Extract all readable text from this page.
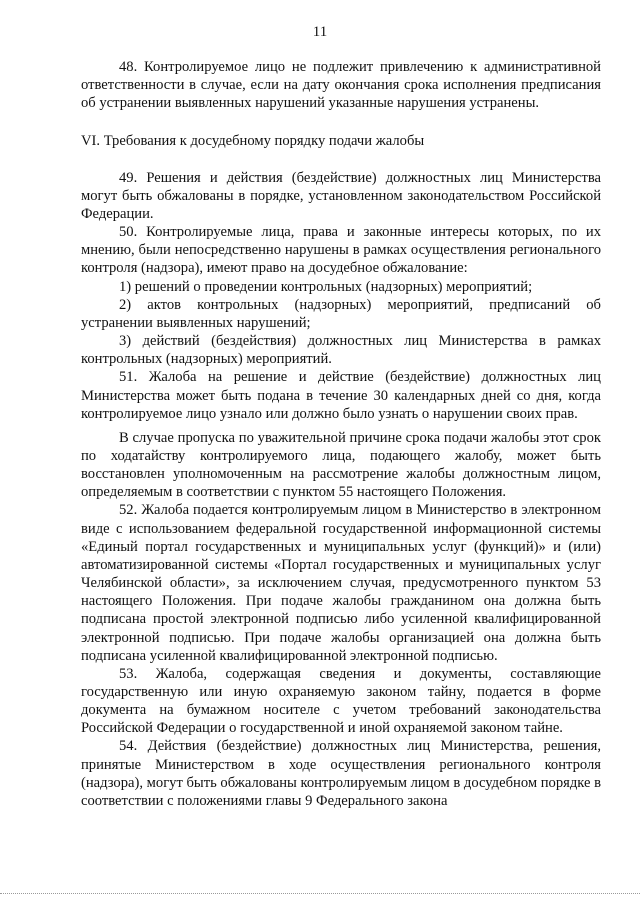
11

48. Контролируемое лицо не подлежит привлечению к административной ответственности в случае, если на дату окончания срока исполнения предписания об устранении выявленных нарушений указанные нарушения устранены.

VI. Требования к досудебному порядку подачи жалобы

49. Решения и действия (бездействие) должностных лиц Министерства могут быть обжалованы в порядке, установленном законодательством Российской Федерации.

50. Контролируемые лица, права и законные интересы которых, по их мнению, были непосредственно нарушены в рамках осуществления регионального контроля (надзора), имеют право на досудебное обжалование:

1) решений о проведении контрольных (надзорных) мероприятий;

2) актов контрольных (надзорных) мероприятий, предписаний об устранении выявленных нарушений;

3) действий (бездействия) должностных лиц Министерства в рамках контрольных (надзорных) мероприятий.

51. Жалоба на решение и действие (бездействие) должностных лиц Министерства может быть подана в течение 30 календарных дней со дня, когда контролируемое лицо узнало или должно было узнать о нарушении своих прав.

В случае пропуска по уважительной причине срока подачи жалобы этот срок по ходатайству контролируемого лица, подающего жалобу, может быть восстановлен уполномоченным на рассмотрение жалобы должностным лицом, определяемым в соответствии с пунктом 55 настоящего Положения.

52. Жалоба подается контролируемым лицом в Министерство в электронном виде с использованием федеральной государственной информационной системы «Единый портал государственных и муниципальных услуг (функций)» и (или) автоматизированной системы «Портал государственных и муниципальных услуг Челябинской области», за исключением случая, предусмотренного пунктом 53 настоящего Положения. При подаче жалобы гражданином она должна быть подписана простой электронной подписью либо усиленной квалифицированной электронной подписью. При подаче жалобы организацией она должна быть подписана усиленной квалифицированной электронной подписью.

53. Жалоба, содержащая сведения и документы, составляющие государственную или иную охраняемую законом тайну, подается в форме документа на бумажном носителе с учетом требований законодательства Российской Федерации о государственной и иной охраняемой законом тайне.

54. Действия (бездействие) должностных лиц Министерства, решения, принятые Министерством в ходе осуществления регионального контроля (надзора), могут быть обжалованы контролируемым лицом в досудебном порядке в соответствии с положениями главы 9 Федерального закона
